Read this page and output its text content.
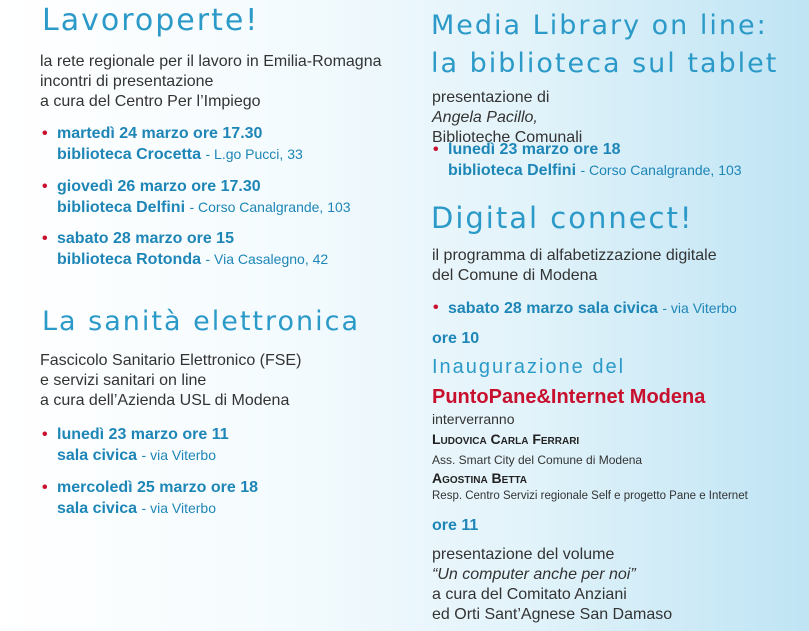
Lavoroperte!
la rete regionale per il lavoro in Emilia-Romagna
incontri di presentazione
a cura del Centro Per l’Impiego
• martedì 24 marzo ore 17.30
biblioteca Crocetta - L.go Pucci, 33
• giovedì 26 marzo ore 17.30
biblioteca Delfini - Corso Canalgrande, 103
• sabato 28 marzo ore 15
biblioteca Rotonda - Via Casalegno, 42
La sanità elettronica
Fascicolo Sanitario Elettronico (FSE)
e servizi sanitari on line
a cura dell’Azienda USL di Modena
• lunedì 23 marzo ore 11
sala civica - via Viterbo
• mercoledì 25 marzo ore 18
sala civica - via Viterbo
Media Library on line:
la biblioteca sul tablet
presentazione di
Angela Pacillo,
Biblioteche Comunali
• lunedì 23 marzo ore 18
biblioteca Delfini - Corso Canalgrande, 103
Digital connect!
il programma di alfabetizzazione digitale
del Comune di Modena
• sabato 28 marzo sala civica - via Viterbo
ore 10
Inaugurazione del
PuntoPane&Internet Modena
interverranno
Ludovica Carla Ferrari
Ass. Smart City del Comune di Modena
Agostina Betta
Resp. Centro Servizi regionale Self e progetto Pane e Internet
ore 11
presentazione del volume
“Un computer anche per noi”
a cura del Comitato Anziani
ed Orti Sant’Agnese San Damaso
